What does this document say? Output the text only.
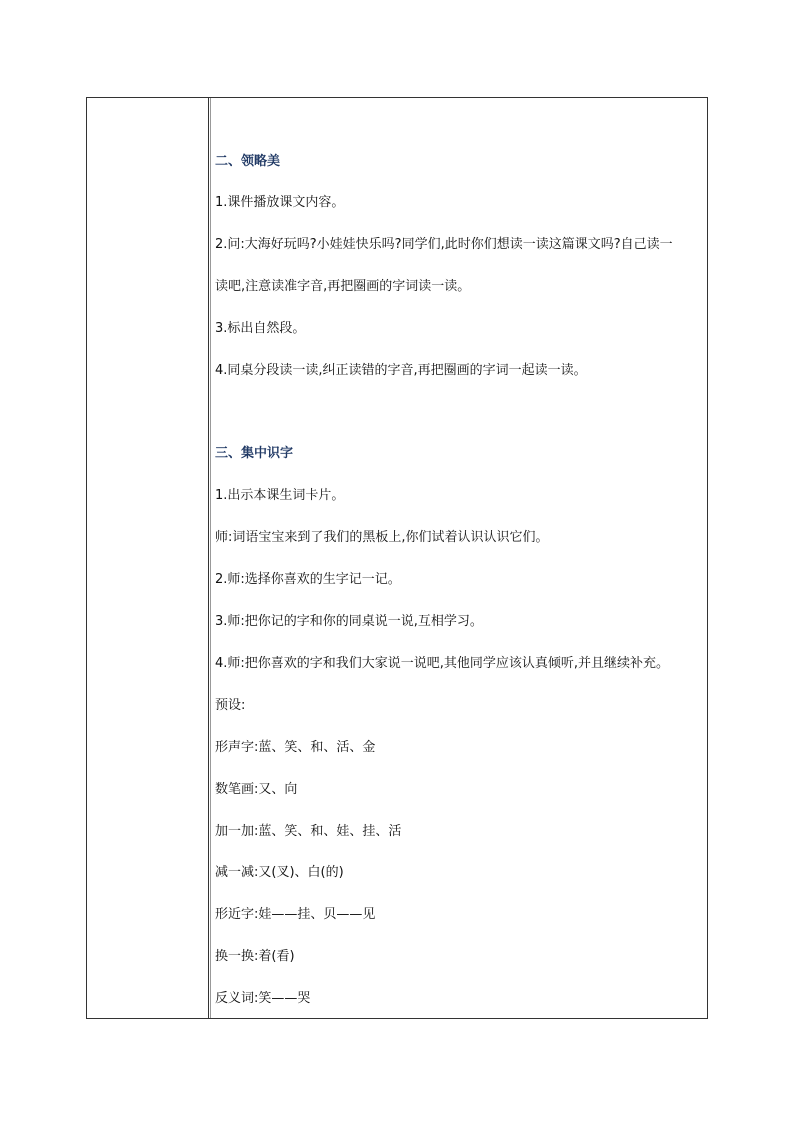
二、领略美
1.课件播放课文内容。
2.问:大海好玩吗?小娃娃快乐吗?同学们,此时你们想读一读这篇课文吗?自己读一
读吧,注意读准字音,再把圈画的字词读一读。
3.标出自然段。
4.同桌分段读一读,纠正读错的字音,再把圈画的字词一起读一读。
三、集中识字
1.出示本课生词卡片。
师:词语宝宝来到了我们的黑板上,你们试着认识认识它们。
2.师:选择你喜欢的生字记一记。
3.师:把你记的字和你的同桌说一说,互相学习。
4.师:把你喜欢的字和我们大家说一说吧,其他同学应该认真倾听,并且继续补充。
预设:
形声字:蓝、笑、和、活、金
数笔画:又、向
加一加:蓝、笑、和、娃、挂、活
减一减:又(叉)、白(的)
形近字:娃——挂、贝——见
换一换:着(看)
反义词:笑——哭
